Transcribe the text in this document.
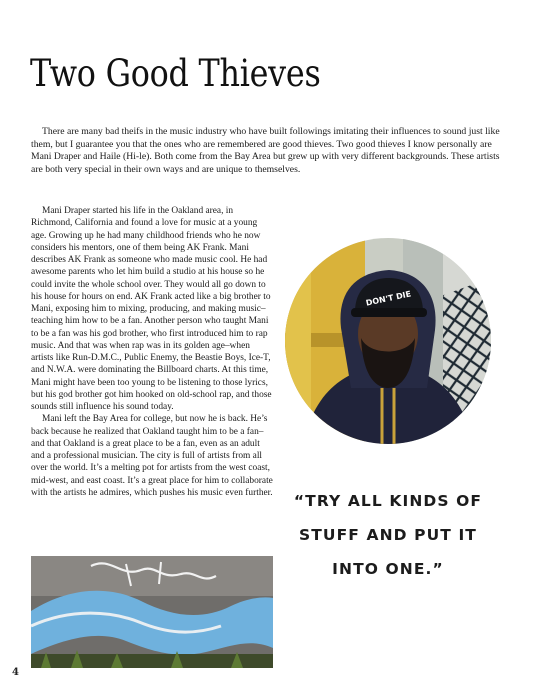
Two Good Thieves

There are many bad theifs in the music industry who have built followings imitating their influences to sound just like them, but I guarantee you that the ones who are remembered are good thieves. Two good thieves I know personally are Mani Draper and Haile (Hi-le). Both come from the Bay Area but grew up with very different backgrounds. These artists are both very special in their own ways and are unique to themselves.

Mani Draper started his life in the Oakland area, in Richmond, California and found a love for music at a young age. Growing up he had many childhood friends who he now considers his mentors, one of them being AK Frank. Mani describes AK Frank as someone who made music cool. He had awesome parents who let him build a studio at his house so he could invite the whole school over. They would all go down to his house for hours on end. AK Frank acted like a big brother to Mani, exposing him to mixing, producing, and making music–teaching him how to be a fan. Another person who taught Mani to be a fan was his god brother, who first introduced him to rap music. And that was when rap was in its golden age–when artists like Run-D.M.C., Public Enemy, the Beastie Boys, Ice-T, and N.W.A. were dominating the Billboard charts. At this time, Mani might have been too young to be listening to those lyrics, but his god brother got him hooked on old-school rap, and those sounds still influence his sound today.

Mani left the Bay Area for college, but now he is back. He’s back because he realized that Oakland taught him to be a fan–and that Oakland is a great place to be a fan, even as an adult and a professional musician. The city is full of artists from all over the world. It’s a melting pot for artists from the west coast, mid-west, and east coast. It’s a great place for him to collaborate with the artists he admires, which pushes his music even further.

DON'T DIE

“TRY ALL KINDS OF STUFF AND PUT IT INTO ONE.”

4
